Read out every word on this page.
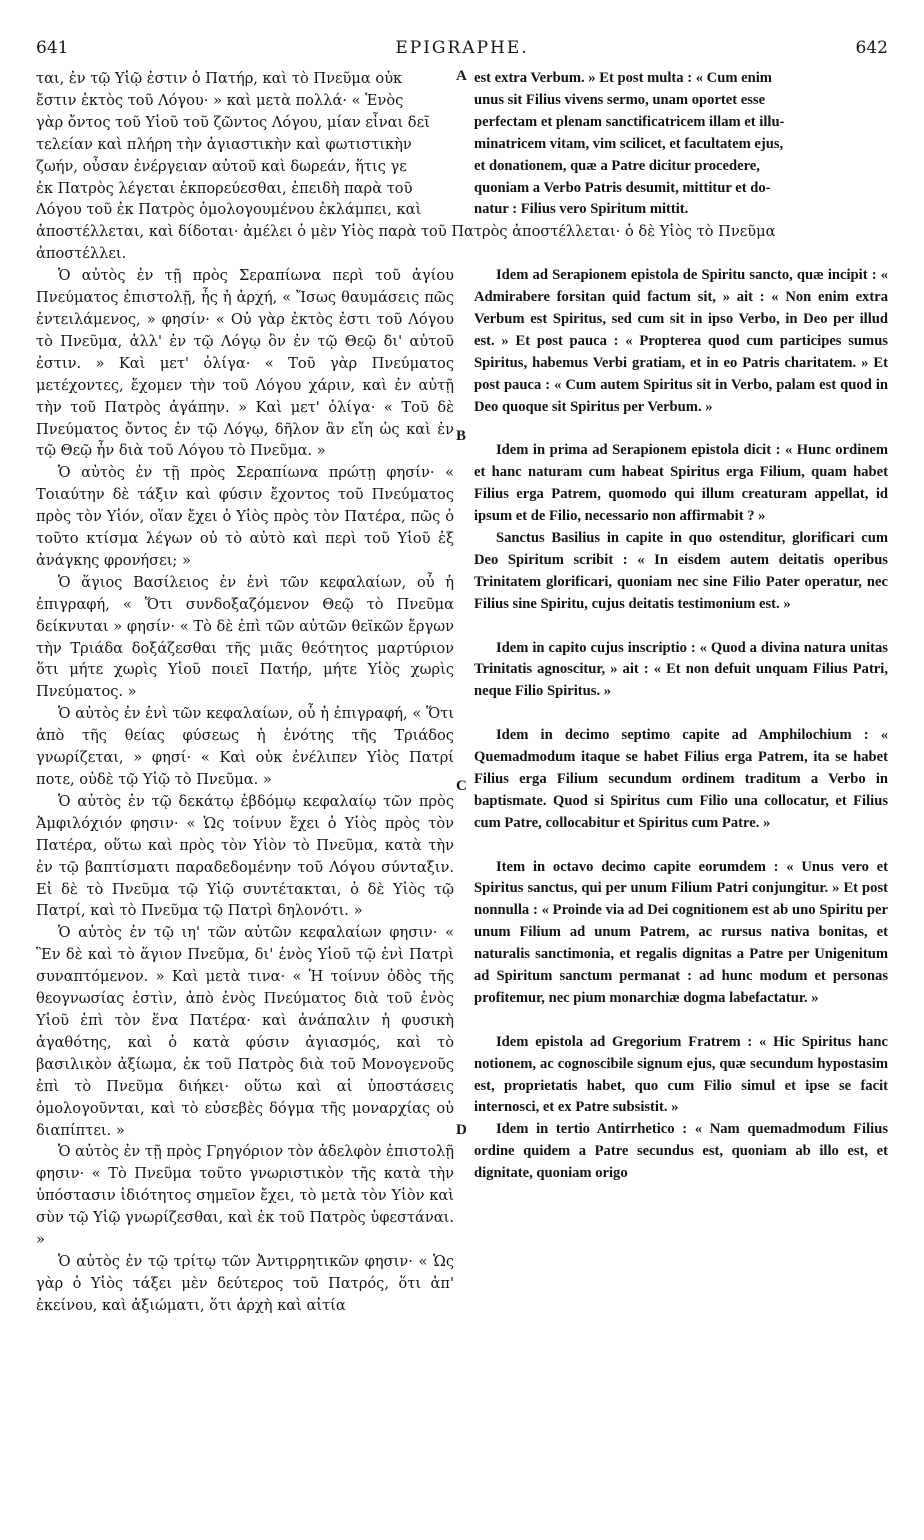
641	EPIGRAPHE.	642

ται, ἐν τῷ Υἱῷ ἐστιν ὁ Πατήρ, καὶ τὸ Πνεῦμα οὐκ

ἔστιν ἐκτὸς τοῦ Λόγου· » καὶ μετὰ πολλά· « Ἑνὸς

γὰρ ὄντος τοῦ Υἱοῦ τοῦ ζῶντος Λόγου, μίαν εἶναι δεῖ

τελείαν καὶ πλήρη τὴν ἁγιαστικὴν καὶ φωτιστικὴν

ζωήν, οὖσαν ἐνέργειαν αὐτοῦ καὶ δωρεάν, ἥτις γε

ἐκ Πατρὸς λέγεται ἐκπορεύεσθαι, ἐπειδὴ παρὰ τοῦ

Λόγου τοῦ ἐκ Πατρὸς ὁμολογουμένου ἐκλάμπει, καὶ

ἀποστέλλεται, καὶ δίδοται· ἀμέλει ὁ μὲν Υἱὸς παρὰ τοῦ Πατρὸς ἀποστέλλεται· ὁ δὲ Υἱὸς τὸ Πνεῦμα

ἀποστέλλει.

Ὁ αὐτὸς ἐν τῇ πρὸς Σεραπίωνα περὶ τοῦ ἁγίου Πνεύματος ἐπιστολῇ, ἧς ἡ ἀρχή, « Ἴσως θαυμάσεις πῶς ἐντειλάμενος, » φησίν· « Οὐ γὰρ ἐκτὸς ἐστι τοῦ Λόγου τὸ Πνεῦμα, ἀλλ' ἐν τῷ Λόγῳ ὂν ἐν τῷ Θεῷ δι' αὐτοῦ ἐστιν. » Καὶ μετ' ὀλίγα· « Τοῦ γὰρ Πνεύματος μετέχοντες, ἔχομεν τὴν τοῦ Λόγου χάριν, καὶ ἐν αὐτῇ τὴν τοῦ Πατρὸς ἀγάπην. » Καὶ μετ' ὀλίγα· « Τοῦ δὲ Πνεύματος ὄντος ἐν τῷ Λόγῳ, δῆλον ἂν εἴη ὡς καὶ ἐν τῷ Θεῷ ἦν διὰ τοῦ Λόγου τὸ Πνεῦμα. »

Ὁ αὐτὸς ἐν τῇ πρὸς Σεραπίωνα πρώτῃ φησίν· « Τοιαύτην δὲ τάξιν καὶ φύσιν ἔχοντος τοῦ Πνεύματος πρὸς τὸν Υἱόν, οἵαν ἔχει ὁ Υἱὸς πρὸς τὸν Πατέρα, πῶς ὁ τοῦτο κτίσμα λέγων οὐ τὸ αὐτὸ καὶ περὶ τοῦ Υἱοῦ ἐξ ἀνάγκης φρονήσει; »

Ὁ ἅγιος Βασίλειος ἐν ἑνὶ τῶν κεφαλαίων, οὗ ἡ ἐπιγραφή, « Ὅτι συνδοξαζόμενον Θεῷ τὸ Πνεῦμα δείκνυται » φησίν· « Τὸ δὲ ἐπὶ τῶν αὐτῶν θεϊκῶν ἔργων τὴν Τριάδα δοξάζεσθαι τῆς μιᾶς θεότητος μαρτύριον ὅτι μήτε χωρὶς Υἱοῦ ποιεῖ Πατήρ, μήτε Υἱὸς χωρὶς Πνεύματος. »

Ὁ αὐτὸς ἐν ἑνὶ τῶν κεφαλαίων, οὗ ἡ ἐπιγραφή, « Ὅτι ἀπὸ τῆς θείας φύσεως ἡ ἑνότης τῆς Τριάδος γνωρίζεται, » φησί· « Καὶ οὐκ ἐνέλιπεν Υἱὸς Πατρί ποτε, οὐδὲ τῷ Υἱῷ τὸ Πνεῦμα. »

Ὁ αὐτὸς ἐν τῷ δεκάτῳ ἑβδόμῳ κεφαλαίῳ τῶν πρὸς Ἀμφιλόχιόν φησιν· « Ὡς τοίνυν ἔχει ὁ Υἱὸς πρὸς τὸν Πατέρα, οὕτω καὶ πρὸς τὸν Υἱὸν τὸ Πνεῦμα, κατὰ τὴν ἐν τῷ βαπτίσματι παραδεδομένην τοῦ Λόγου σύνταξιν. Εἰ δὲ τὸ Πνεῦμα τῷ Υἱῷ συντέτακται, ὁ δὲ Υἱὸς τῷ Πατρί, καὶ τὸ Πνεῦμα τῷ Πατρὶ δηλονότι. »

Ὁ αὐτὸς ἐν τῷ ιη' τῶν αὐτῶν κεφαλαίων φησιν· « Ἓν δὲ καὶ τὸ ἅγιον Πνεῦμα, δι' ἑνὸς Υἱοῦ τῷ ἑνὶ Πατρὶ συναπτόμενον. » Καὶ μετὰ τινα· « Ἡ τοίνυν ὁδὸς τῆς θεογνωσίας ἐστὶν, ἀπὸ ἑνὸς Πνεύματος διὰ τοῦ ἑνὸς Υἱοῦ ἐπὶ τὸν ἕνα Πατέρα· καὶ ἀνάπαλιν ἡ φυσικὴ ἀγαθότης, καὶ ὁ κατὰ φύσιν ἁγιασμός, καὶ τὸ βασιλικὸν ἀξίωμα, ἐκ τοῦ Πατρὸς διὰ τοῦ Μονογενοῦς ἐπὶ τὸ Πνεῦμα διήκει· οὕτω καὶ αἱ ὑποστάσεις ὁμολογοῦνται, καὶ τὸ εὐσεβὲς δόγμα τῆς μοναρχίας οὐ διαπίπτει. »

Ὁ αὐτὸς ἐν τῇ πρὸς Γρηγόριον τὸν ἀδελφὸν ἐπιστολῇ φησιν· « Τὸ Πνεῦμα τοῦτο γνωριστικὸν τῆς κατὰ τὴν ὑπόστασιν ἰδιότητος σημεῖον ἔχει, τὸ μετὰ τὸν Υἱὸν καὶ σὺν τῷ Υἱῷ γνωρίζεσθαι, καὶ ἐκ τοῦ Πατρὸς ὑφεστάναι. »

Ὁ αὐτὸς ἐν τῷ τρίτῳ τῶν Ἀντιρρητικῶν φησιν· « Ὡς γὰρ ὁ Υἱὸς τάξει μὲν δεύτερος τοῦ Πατρός, ὅτι ἀπ' ἐκείνου, καὶ ἀξιώματι, ὅτι ἀρχὴ καὶ αἰτία

est extra Verbum. » Et post multa : « Cum enim

unus sit Filius vivens sermo, unam oportet esse

perfectam et plenam sanctificatricem illam et illu-

minatricem vitam, vim scilicet, et facultatem ejus,

et donationem, quæ a Patre dicitur procedere,

quoniam a Verbo Patris desumit, mittitur et do-

natur : Filius vero Spiritum mittit.

Idem ad Serapionem epistola de Spiritu sancto, quæ incipit : « Admirabere forsitan quid factum sit, » ait : « Non enim extra Verbum est Spiritus, sed cum sit in ipso Verbo, in Deo per illud est. » Et post pauca : « Propterea quod cum participes sumus Spiritus, habemus Verbi gratiam, et in eo Patris charitatem. » Et post pauca : « Cum autem Spiritus sit in Verbo, palam est quod in Deo quoque sit Spiritus per Verbum. »

Idem in prima ad Serapionem epistola dicit : « Hunc ordinem et hanc naturam cum habeat Spiritus erga Filium, quam habet Filius erga Patrem, quomodo qui illum creaturam appellat, id ipsum et de Filio, necessario non affirmabit ? »

Sanctus Basilius in capite in quo ostenditur, glorificari cum Deo Spiritum scribit : « In eisdem autem deitatis operibus Trinitatem glorificari, quoniam nec sine Filio Pater operatur, nec Filius sine Spiritu, cujus deitatis testimonium est. »

Idem in capito cujus inscriptio : « Quod a divina natura unitas Trinitatis agnoscitur, » ait : « Et non defuit unquam Filius Patri, neque Filio Spiritus. »

Idem in decimo septimo capite ad Amphilochium : « Quemadmodum itaque se habet Filius erga Patrem, ita se habet Filius erga Filium secundum ordinem traditum a Verbo in baptismate. Quod si Spiritus cum Filio una collocatur, et Filius cum Patre, collocabitur et Spiritus cum Patre. »

Item in octavo decimo capite eorumdem : « Unus vero et Spiritus sanctus, qui per unum Filium Patri conjungitur. » Et post nonnulla : « Proinde via ad Dei cognitionem est ab uno Spiritu per unum Filium ad unum Patrem, ac rursus nativa bonitas, et naturalis sanctimonia, et regalis dignitas a Patre per Unigenitum ad Spiritum sanctum permanat : ad hunc modum et personas profitemur, nec pium monarchiæ dogma labefactatur. »

Idem epistola ad Gregorium Fratrem : « Hic Spiritus hanc notionem, ac cognoscibile signum ejus, quæ secundum hypostasim est, proprietatis habet, quo cum Filio simul et ipse se facit internosci, et ex Patre subsistit. »

Idem in tertio Antirrhetico : « Nam quemadmodum Filius ordine quidem a Patre secundus est, quoniam ab illo est, et dignitate, quoniam origo

A
B
C
D
